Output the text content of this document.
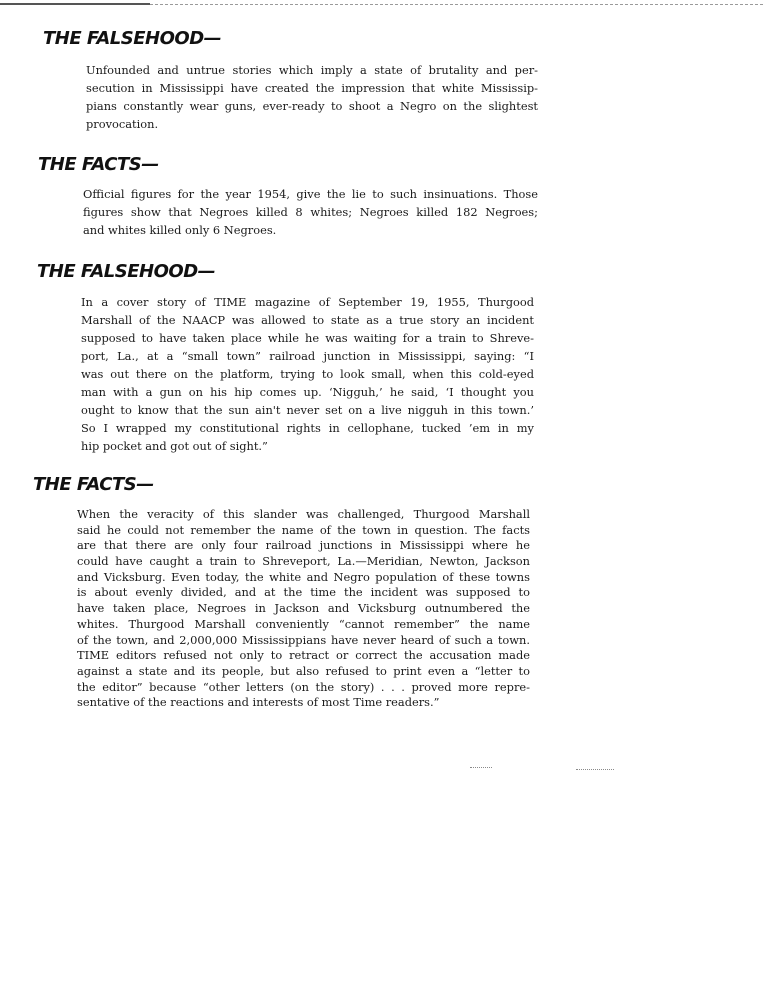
THE FALSEHOOD—
Unfounded and untrue stories which imply a state of brutality and per-
secution in Mississippi have created the impression that white Mississip-
pians constantly wear guns, ever-ready to shoot a Negro on the slightest
provocation.
THE FACTS—
Official figures for the year 1954, give the lie to such insinuations. Those
figures show that Negroes killed 8 whites; Negroes killed 182 Negroes;
and whites killed only 6 Negroes.
THE FALSEHOOD—
In a cover story of TIME magazine of September 19, 1955, Thurgood
Marshall of the NAACP was allowed to state as a true story an incident
supposed to have taken place while he was waiting for a train to Shreve-
port, La., at a “small town” railroad junction in Mississippi, saying: “I
was out there on the platform, trying to look small, when this cold-eyed
man with a gun on his hip comes up. ‘Nigguh,’ he said, ‘I thought you
ought to know that the sun ain't never set on a live nigguh in this town.’
So I wrapped my constitutional rights in cellophane, tucked ’em in my
hip pocket and got out of sight.”
THE FACTS—
When the veracity of this slander was challenged, Thurgood Marshall
said he could not remember the name of the town in question. The facts
are that there are only four railroad junctions in Mississippi where he
could have caught a train to Shreveport, La.—Meridian, Newton, Jackson
and Vicksburg. Even today, the white and Negro population of these towns
is about evenly divided, and at the time the incident was supposed to
have taken place, Negroes in Jackson and Vicksburg outnumbered the
whites. Thurgood Marshall conveniently “cannot remember” the name
of the town, and 2,000,000 Mississippians have never heard of such a town.
TIME editors refused not only to retract or correct the accusation made
against a state and its people, but also refused to print even a “letter to
the editor” because “other letters (on the story) . . . proved more repre-
sentative of the reactions and interests of most Time readers.”
